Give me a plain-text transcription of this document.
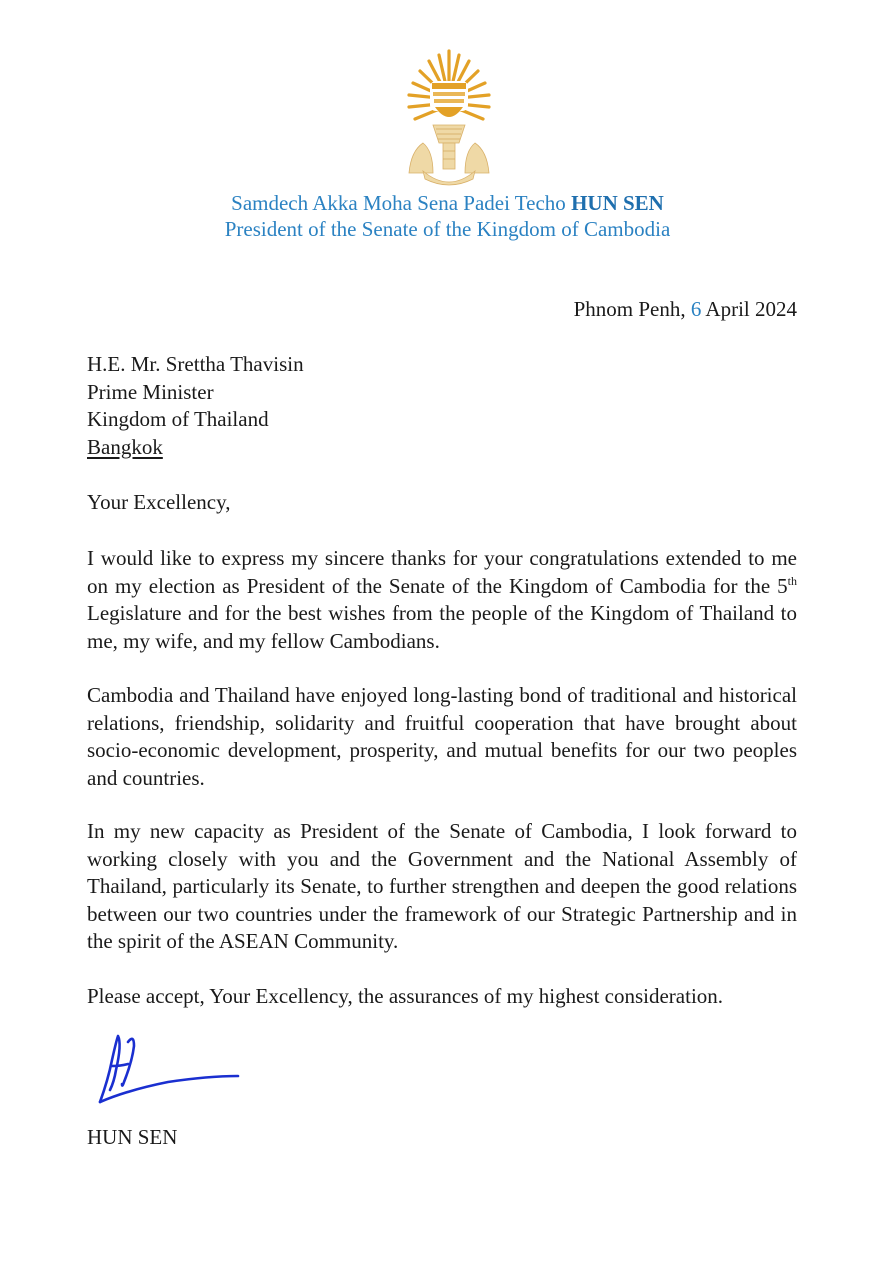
Samdech Akka Moha Sena Padei Techo HUN SEN
President of the Senate of the Kingdom of Cambodia
Phnom Penh, 6 April 2024
H.E. Mr. Srettha Thavisin
Prime Minister
Kingdom of Thailand
Bangkok
Your Excellency,
I would like to express my sincere thanks for your congratulations extended to me on my election as President of the Senate of the Kingdom of Cambodia for the 5th Legislature and for the best wishes from the people of the Kingdom of Thailand to me, my wife, and my fellow Cambodians.
Cambodia and Thailand have enjoyed long-lasting bond of traditional and historical relations, friendship, solidarity and fruitful cooperation that have brought about socio-economic development, prosperity, and mutual benefits for our two peoples and countries.
In my new capacity as President of the Senate of Cambodia, I look forward to working closely with you and the Government and the National Assembly of Thailand, particularly its Senate, to further strengthen and deepen the good relations between our two countries under the framework of our Strategic Partnership and in the spirit of the ASEAN Community.
Please accept, Your Excellency, the assurances of my highest consideration.
HUN SEN
